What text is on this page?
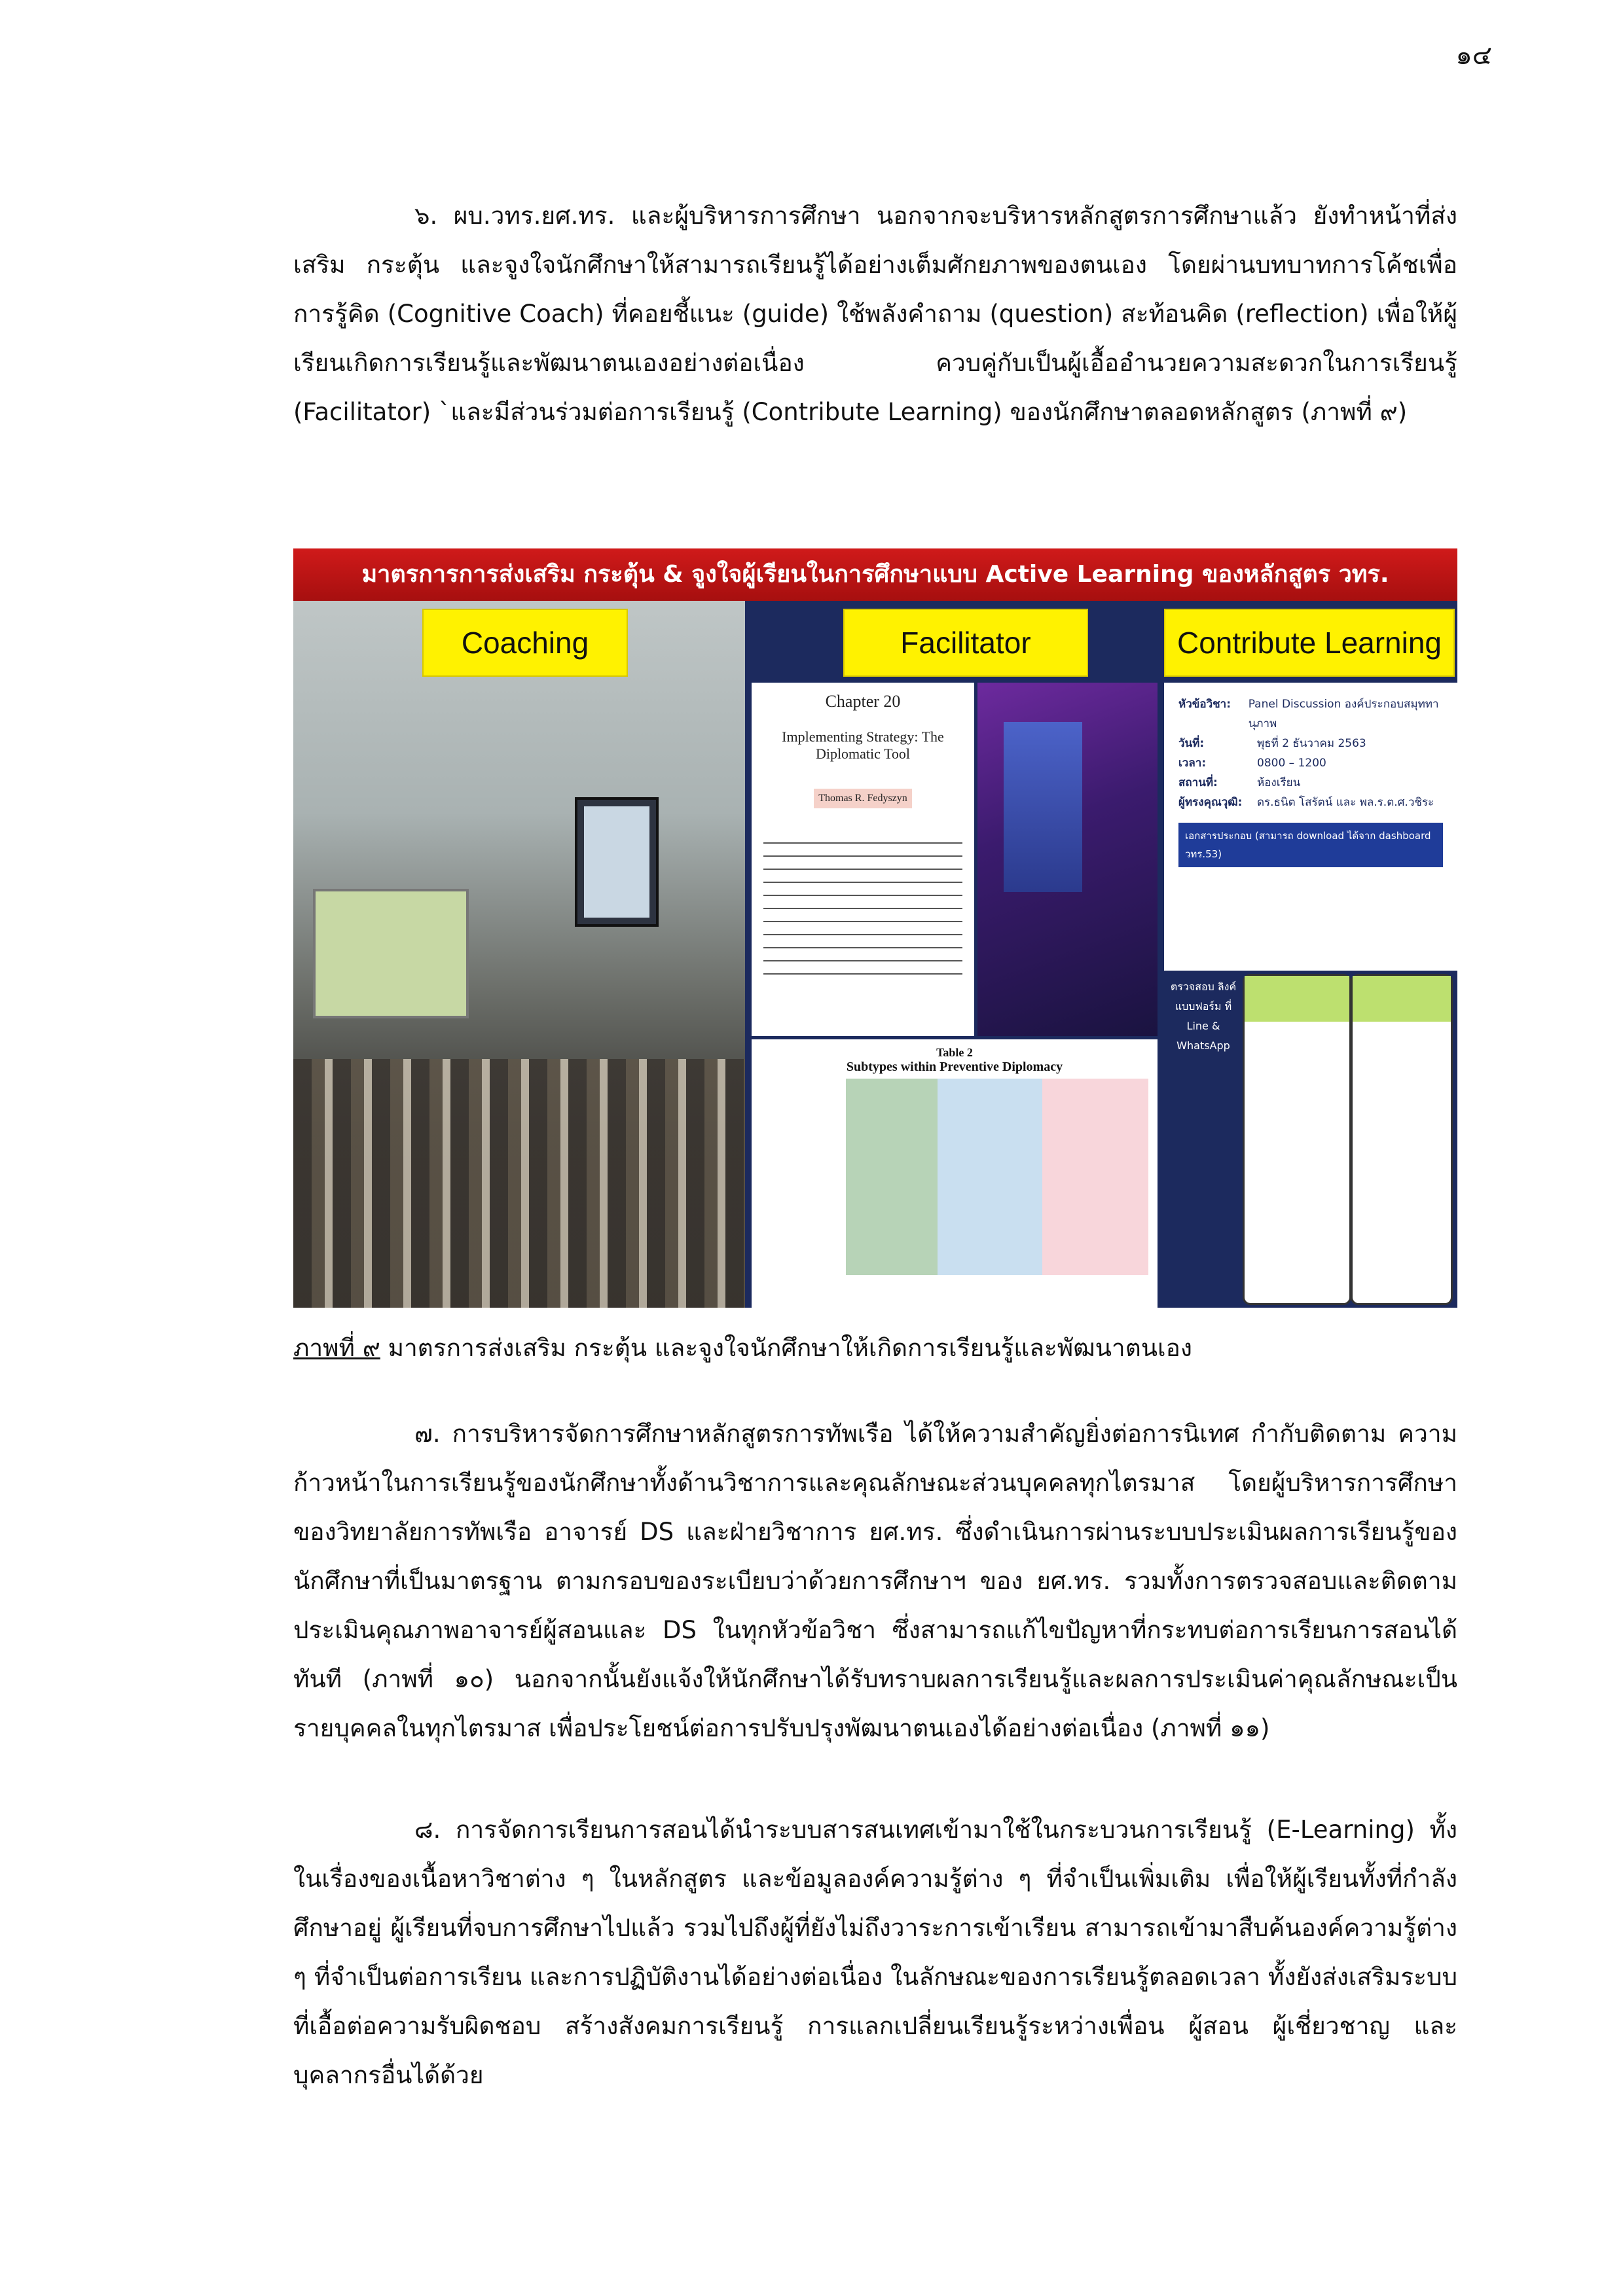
๑๔

๖. ผบ.วทร.ยศ.ทร. และผู้บริหารการศึกษา นอกจากจะบริหารหลักสูตรการศึกษาแล้ว ยังทำหน้าที่ส่งเสริม กระตุ้น และจูงใจนักศึกษาให้สามารถเรียนรู้ได้อย่างเต็มศักยภาพของตนเอง โดยผ่านบทบาทการโค้ชเพื่อการรู้คิด (Cognitive Coach) ที่คอยชี้แนะ (guide) ใช้พลังคำถาม (question) สะท้อนคิด (reflection) เพื่อให้ผู้เรียนเกิดการเรียนรู้และพัฒนาตนเองอย่างต่อเนื่อง ควบคู่กับเป็นผู้เอื้ออำนวยความสะดวกในการเรียนรู้ (Facilitator) `และมีส่วนร่วมต่อการเรียนรู้ (Contribute Learning) ของนักศึกษาตลอดหลักสูตร (ภาพที่ ๙)

มาตรการการส่งเสริม กระตุ้น & จูงใจผู้เรียนในการศึกษาแบบ Active Learning ของหลักสูตร วทร.
Chapter 20
Implementing Strategy: The Diplomatic Tool
Thomas R. Fedyszyn
Table 2
Subtypes within Preventive Diplomacy
หัวข้อวิชา:	Panel Discussion องค์ประกอบสมุททานุภาพ
วันที่:	พุธที่ 2 ธันวาคม 2563
เวลา:	0800 – 1200
สถานที่:	ห้องเรียน
ผู้ทรงคุณวุฒิ:	ดร.ธนิต โสรัตน์ และ พล.ร.ต.ศ.วชิระ
เอกสารประกอบ (สามารถ download ได้จาก dashboard วทร.53)
ตรวจสอบ ลิงค์ แบบฟอร์ม ที่ Line & WhatsApp
Coaching	Facilitator	Contribute Learning
ภาพที่ ๙ มาตรการส่งเสริม กระตุ้น และจูงใจนักศึกษาให้เกิดการเรียนรู้และพัฒนาตนเอง

๗. การบริหารจัดการศึกษาหลักสูตรการทัพเรือ ได้ให้ความสำคัญยิ่งต่อการนิเทศ กำกับติดตาม ความก้าวหน้าในการเรียนรู้ของนักศึกษาทั้งด้านวิชาการและคุณลักษณะส่วนบุคคลทุกไตรมาส โดยผู้บริหารการศึกษาของวิทยาลัยการทัพเรือ อาจารย์ DS และฝ่ายวิชาการ ยศ.ทร. ซึ่งดำเนินการผ่านระบบประเมินผลการเรียนรู้ของนักศึกษาที่เป็นมาตรฐาน ตามกรอบของระเบียบว่าด้วยการศึกษาฯ ของ ยศ.ทร. รวมทั้งการตรวจสอบและติดตามประเมินคุณภาพอาจารย์ผู้สอนและ DS ในทุกหัวข้อวิชา ซึ่งสามารถแก้ไขปัญหาที่กระทบต่อการเรียนการสอนได้ทันที (ภาพที่ ๑๐) นอกจากนั้นยังแจ้งให้นักศึกษาได้รับทราบผลการเรียนรู้และผลการประเมินค่าคุณลักษณะเป็นรายบุคคลในทุกไตรมาส เพื่อประโยชน์ต่อการปรับปรุงพัฒนาตนเองได้อย่างต่อเนื่อง (ภาพที่ ๑๑)

๘. การจัดการเรียนการสอนได้นำระบบสารสนเทศเข้ามาใช้ในกระบวนการเรียนรู้ (E-Learning) ทั้งในเรื่องของเนื้อหาวิชาต่าง ๆ ในหลักสูตร และข้อมูลองค์ความรู้ต่าง ๆ ที่จำเป็นเพิ่มเติม เพื่อให้ผู้เรียนทั้งที่กำลังศึกษาอยู่ ผู้เรียนที่จบการศึกษาไปแล้ว รวมไปถึงผู้ที่ยังไม่ถึงวาระการเข้าเรียน สามารถเข้ามาสืบค้นองค์ความรู้ต่าง ๆ ที่จำเป็นต่อการเรียน และการปฏิบัติงานได้อย่างต่อเนื่อง ในลักษณะของการเรียนรู้ตลอดเวลา ทั้งยังส่งเสริมระบบที่เอื้อต่อความรับผิดชอบ สร้างสังคมการเรียนรู้ การแลกเปลี่ยนเรียนรู้ระหว่างเพื่อน ผู้สอน ผู้เชี่ยวชาญ และบุคลากรอื่นได้ด้วย
